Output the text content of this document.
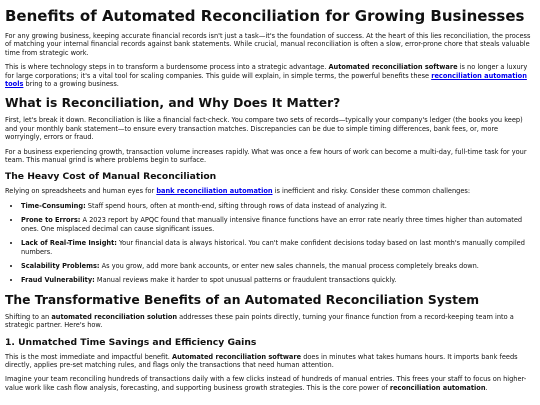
Benefits of Automated Reconciliation for Growing Businesses

For any growing business, keeping accurate financial records isn't just a task—it's the foundation of success. At the heart of this lies reconciliation, the process of matching your internal financial records against bank statements. While crucial, manual reconciliation is often a slow, error-prone chore that steals valuable time from strategic work.

This is where technology steps in to transform a burdensome process into a strategic advantage. Automated reconciliation software is no longer a luxury for large corporations; it's a vital tool for scaling companies. This guide will explain, in simple terms, the powerful benefits these reconciliation automation tools bring to a growing business.

What is Reconciliation, and Why Does It Matter?

First, let's break it down. Reconciliation is like a financial fact-check. You compare two sets of records—typically your company's ledger (the books you keep) and your monthly bank statement—to ensure every transaction matches. Discrepancies can be due to simple timing differences, bank fees, or, more worryingly, errors or fraud.

For a business experiencing growth, transaction volume increases rapidly. What was once a few hours of work can become a multi-day, full-time task for your team. This manual grind is where problems begin to surface.

The Heavy Cost of Manual Reconciliation

Relying on spreadsheets and human eyes for bank reconciliation automation is inefficient and risky. Consider these common challenges:

• Time-Consuming: Staff spend hours, often at month-end, sifting through rows of data instead of analyzing it.
• Prone to Errors: A 2023 report by APQC found that manually intensive finance functions have an error rate nearly three times higher than automated ones. One misplaced decimal can cause significant issues.
• Lack of Real-Time Insight: Your financial data is always historical. You can't make confident decisions today based on last month's manually compiled numbers.
• Scalability Problems: As you grow, add more bank accounts, or enter new sales channels, the manual process completely breaks down.
• Fraud Vulnerability: Manual reviews make it harder to spot unusual patterns or fraudulent transactions quickly.
The Transformative Benefits of an Automated Reconciliation System

Shifting to an automated reconciliation solution addresses these pain points directly, turning your finance function from a record-keeping team into a strategic partner. Here's how.

1. Unmatched Time Savings and Efficiency Gains

This is the most immediate and impactful benefit. Automated reconciliation software does in minutes what takes humans hours. It imports bank feeds directly, applies pre-set matching rules, and flags only the transactions that need human attention.

Imagine your team reconciling hundreds of transactions daily with a few clicks instead of hundreds of manual entries. This frees your staff to focus on higher-value work like cash flow analysis, forecasting, and supporting business growth strategies. This is the core power of reconciliation automation.
